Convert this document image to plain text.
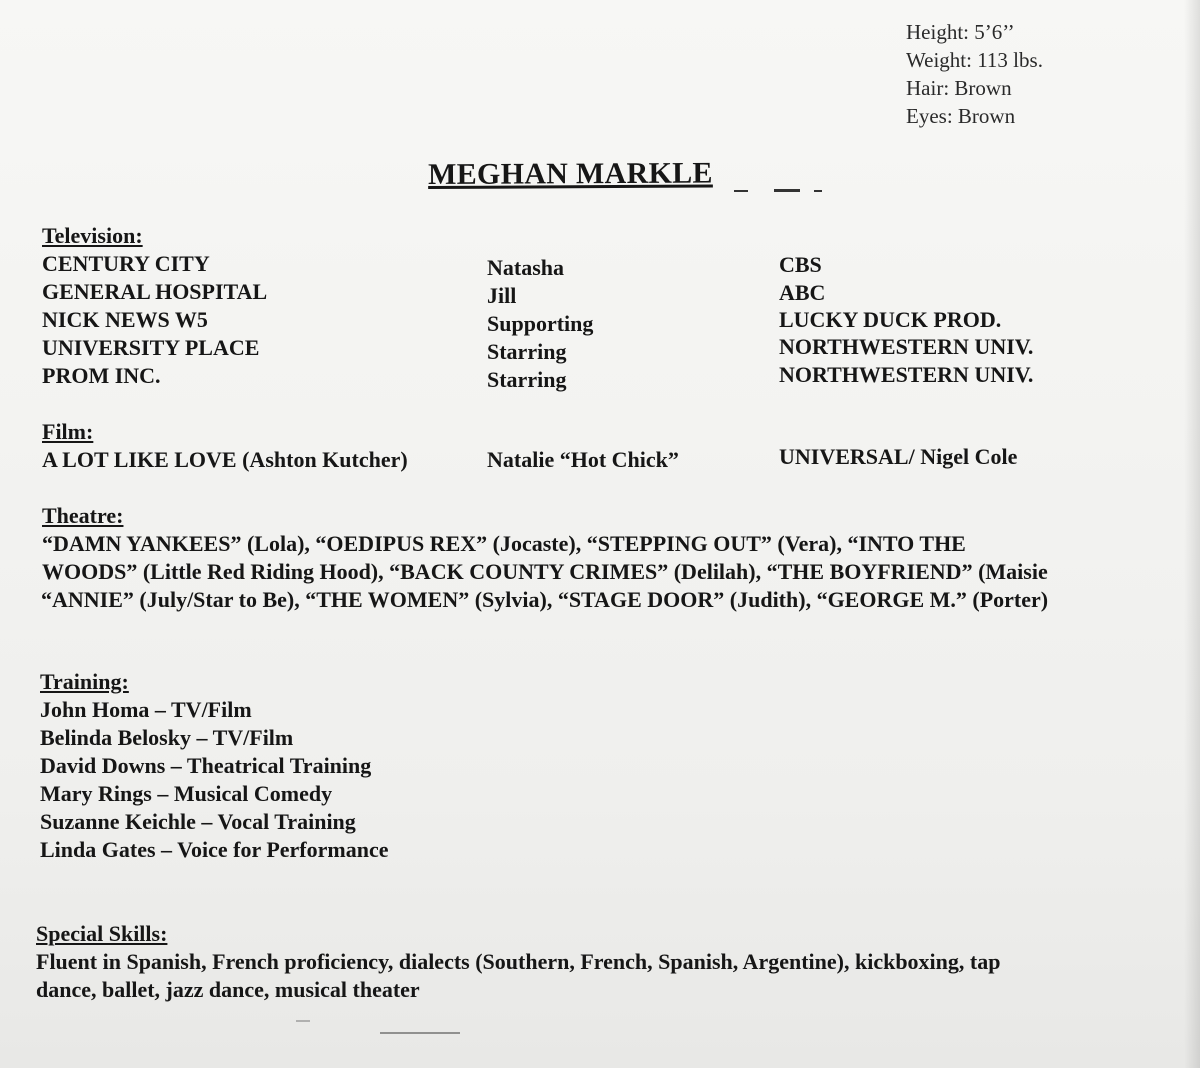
Height: 5’6’’
Weight: 113 lbs.
Hair: Brown
Eyes: Brown
MEGHAN MARKLE
Television:
CENTURY CITY	Natasha	CBS
GENERAL HOSPITAL	Jill	ABC
NICK NEWS W5	Supporting	LUCKY DUCK PROD.
UNIVERSITY PLACE	Starring	NORTHWESTERN UNIV.
PROM INC.	Starring	NORTHWESTERN UNIV.
Film:
A LOT LIKE LOVE (Ashton Kutcher)	Natalie “Hot Chick”	UNIVERSAL/ Nigel Cole
Theatre:
“DAMN YANKEES” (Lola), “OEDIPUS REX” (Jocaste), “STEPPING OUT” (Vera), “INTO THE
WOODS” (Little Red Riding Hood), “BACK COUNTY CRIMES” (Delilah), “THE BOYFRIEND” (Maisie
“ANNIE” (July/Star to Be), “THE WOMEN” (Sylvia), “STAGE DOOR” (Judith), “GEORGE M.” (Porter)
Training:
John Homa – TV/Film
Belinda Belosky – TV/Film
David Downs – Theatrical Training
Mary Rings – Musical Comedy
Suzanne Keichle – Vocal Training
Linda Gates – Voice for Performance
Special Skills:
Fluent in Spanish, French proficiency, dialects (Southern, French, Spanish, Argentine), kickboxing, tap
dance, ballet, jazz dance, musical theater
